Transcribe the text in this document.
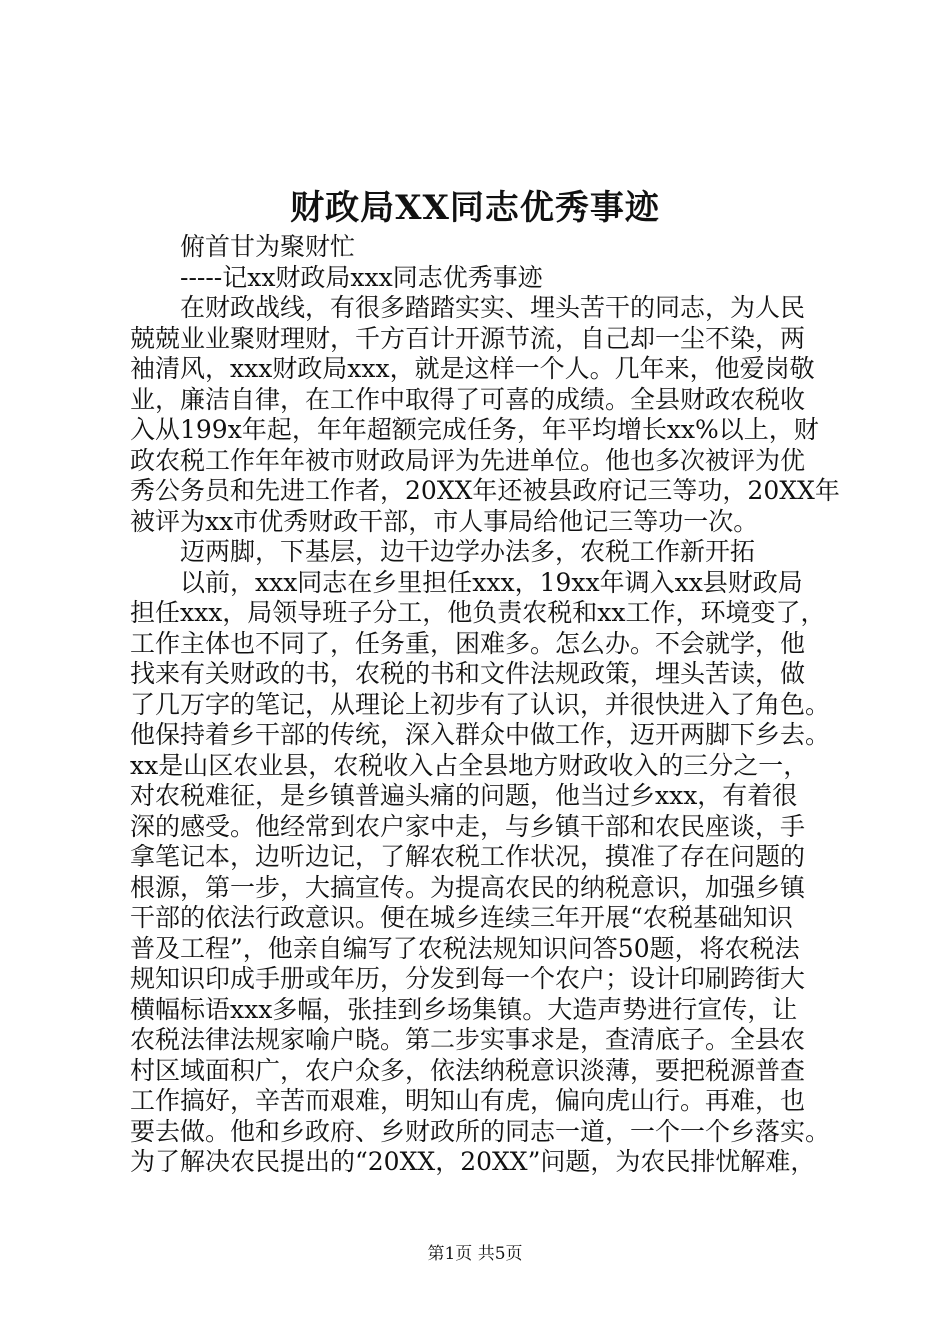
财政局XX同志优秀事迹
俯首甘为聚财忙
-----记xx财政局xxx同志优秀事迹
在财政战线，有很多踏踏实实、埋头苦干的同志，为人民
兢兢业业聚财理财，千方百计开源节流，自己却一尘不染，两
袖清风，xxx财政局xxx，就是这样一个人。几年来，他爱岗敬
业，廉洁自律，在工作中取得了可喜的成绩。全县财政农税收
入从199x年起，年年超额完成任务，年平均增长xx%以上，财
政农税工作年年被市财政局评为先进单位。他也多次被评为优
秀公务员和先进工作者，20XX年还被县政府记三等功，20XX年
被评为xx市优秀财政干部，市人事局给他记三等功一次。
迈两脚，下基层，边干边学办法多，农税工作新开拓
以前，xxx同志在乡里担任xxx，19xx年调入xx县财政局
担任xxx，局领导班子分工，他负责农税和xx工作，环境变了，
工作主体也不同了，任务重，困难多。怎么办。不会就学，他
找来有关财政的书，农税的书和文件法规政策，埋头苦读，做
了几万字的笔记，从理论上初步有了认识，并很快进入了角色。
他保持着乡干部的传统，深入群众中做工作，迈开两脚下乡去。
xx是山区农业县，农税收入占全县地方财政收入的三分之一，
对农税难征，是乡镇普遍头痛的问题，他当过乡xxx，有着很
深的感受。他经常到农户家中走，与乡镇干部和农民座谈，手
拿笔记本，边听边记，了解农税工作状况，摸准了存在问题的
根源，第一步，大搞宣传。为提高农民的纳税意识，加强乡镇
干部的依法行政意识。便在城乡连续三年开展“农税基础知识
普及工程”，他亲自编写了农税法规知识问答50题，将农税法
规知识印成手册或年历，分发到每一个农户；设计印刷跨街大
横幅标语xxx多幅，张挂到乡场集镇。大造声势进行宣传，让
农税法律法规家喻户晓。第二步实事求是，查清底子。全县农
村区域面积广，农户众多，依法纳税意识淡薄，要把税源普查
工作搞好，辛苦而艰难，明知山有虎，偏向虎山行。再难，也
要去做。他和乡政府、乡财政所的同志一道，一个一个乡落实。
为了解决农民提出的“20XX，20XX”问题，为农民排忧解难，
第1页 共5页
